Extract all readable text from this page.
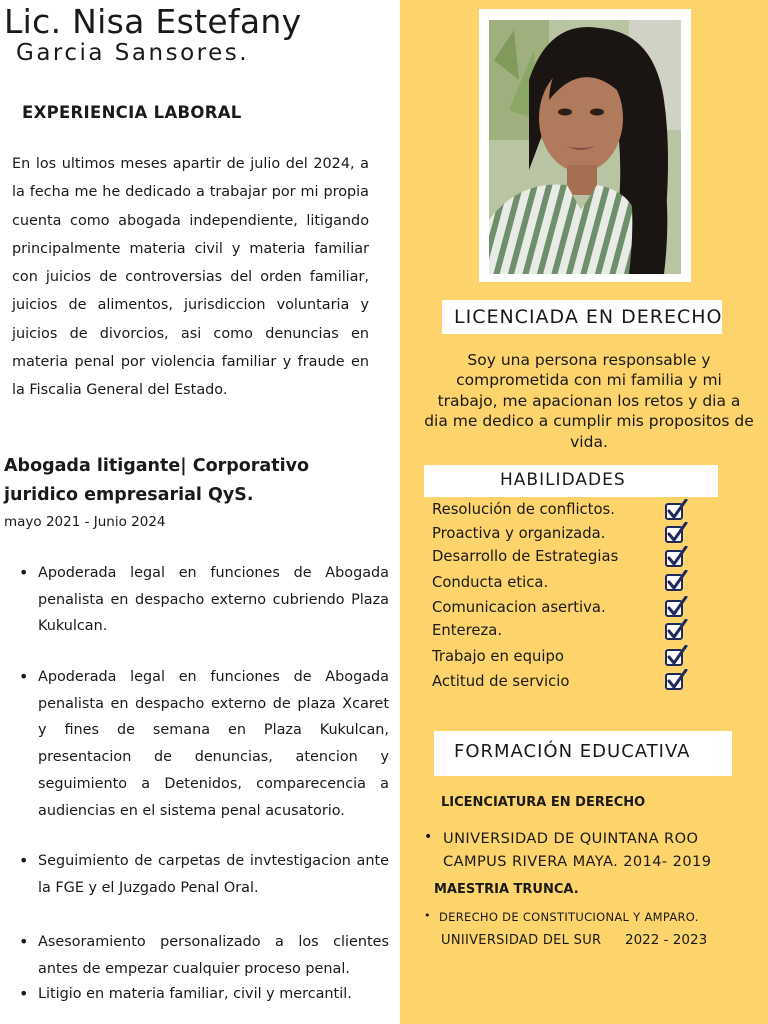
Lic. Nisa Estefany
Garcia Sansores.
EXPERIENCIA LABORAL
En los ultimos meses apartir de julio del 2024, a la fecha me he dedicado a trabajar por mi propia cuenta como abogada independiente, litigando principalmente materia civil y materia familiar con juicios de controversias del orden familiar, juicios de alimentos, jurisdiccion voluntaria y juicios de divorcios, asi como denuncias en materia penal por violencia familiar y fraude en la Fiscalia General del Estado.
Abogada litigante| Corporativo juridico empresarial QyS.
mayo 2021 - Junio 2024
• Apoderada legal en funciones de Abogada penalista en despacho externo cubriendo Plaza Kukulcan.
• Apoderada legal en funciones de Abogada penalista en despacho externo de plaza Xcaret y fines de semana en Plaza Kukulcan, presentacion de denuncias, atencion y seguimiento a Detenidos, comparecencia a audiencias en el sistema penal acusatorio.
• Seguimiento de carpetas de invtestigacion ante la FGE y el Juzgado Penal Oral.
• Asesoramiento personalizado a los clientes antes de empezar cualquier proceso penal.
• Litigio en materia familiar, civil y mercantil.
LICENCIADA EN DERECHO
Soy una persona responsable y comprometida con mi familia y mi trabajo, me apacionan los retos y dia a dia me dedico a cumplir mis propositos de vida.
HABILIDADES
Resolución de conflictos.
Proactiva y organizada.
Desarrollo de Estrategias
Conducta etica.
Comunicacion asertiva.
Entereza.
Trabajo en equipo
Actitud de servicio
FORMACIÓN EDUCATIVA
LICENCIATURA EN DERECHO
• UNIVERSIDAD DE QUINTANA ROO
CAMPUS RIVERA MAYA. 2014- 2019
MAESTRIA TRUNCA.
• DERECHO DE CONSTITUCIONAL Y AMPARO.
UNIIVERSIDAD DEL SUR 2022 - 2023
